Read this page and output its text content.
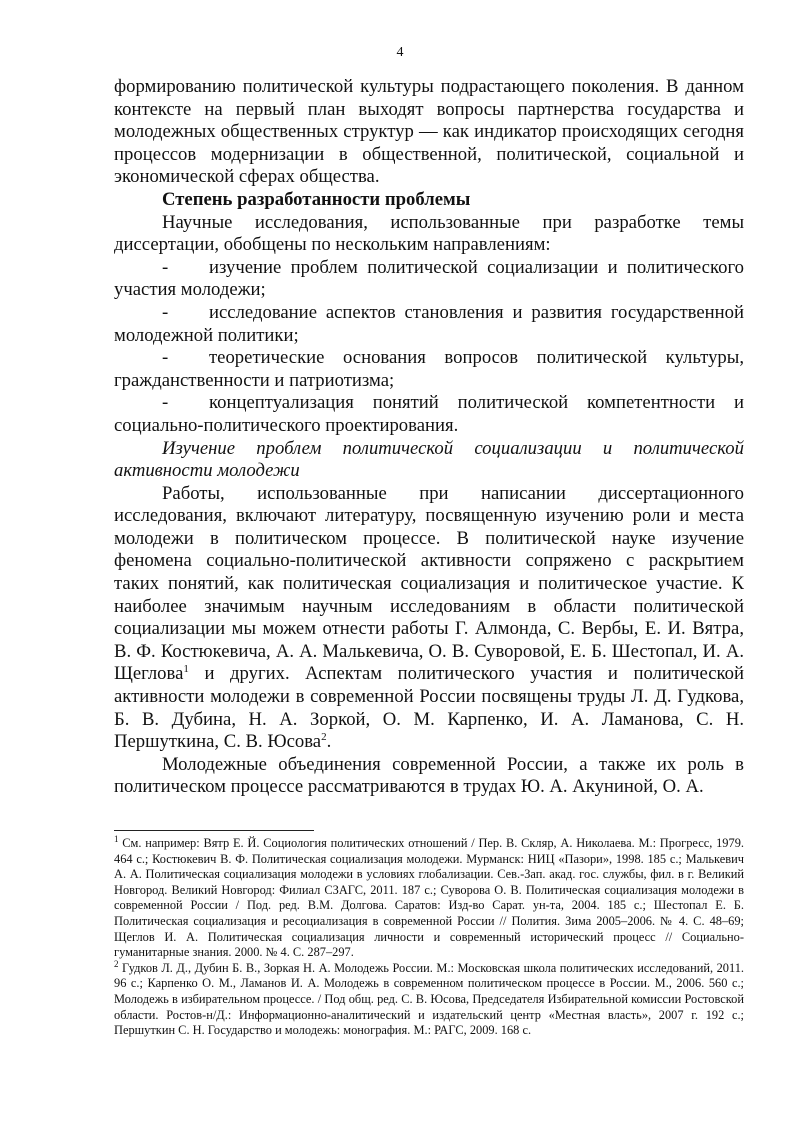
4

формированию политической культуры подрастающего поколения. В данном контексте на первый план выходят вопросы партнерства государства и молодежных общественных структур — как индикатор происходящих сегодня процессов модернизации в общественной, политической, социальной и экономической сферах общества.

Степень разработанности проблемы

Научные исследования, использованные при разработке темы диссертации, обобщены по нескольким направлениям:

- изучение проблем политической социализации и политического участия молодежи;

- исследование аспектов становления и развития государственной молодежной политики;

- теоретические основания вопросов политической культуры, гражданственности и патриотизма;

- концептуализация понятий политической компетентности и социально-политического проектирования.

Изучение проблем политической социализации и политической активности молодежи

Работы, использованные при написании диссертационного исследования, включают литературу, посвященную изучению роли и места молодежи в политическом процессе. В политической науке изучение феномена социально-политической активности сопряжено с раскрытием таких понятий, как политическая социализация и политическое участие. К наиболее значимым научным исследованиям в области политической социализации мы можем отнести работы Г. Алмонда, С. Вербы, Е. И. Вятра, В. Ф. Костюкевича, А. А. Малькевича, О. В. Суворовой, Е. Б. Шестопал, И. А. Щеглова$^1$ и других. Аспектам политического участия и политической активности молодежи в современной России посвящены труды Л. Д. Гудкова, Б. В. Дубина, Н. А. Зоркой, О. М. Карпенко, И. А. Ламанова, С. Н. Першуткина, С. В. Юсова$^2$.

Молодежные объединения современной России, а также их роль в политическом процессе рассматриваются в трудах Ю. А. Акуниной, О. А.

$^1$ См. например: Вятр Е. Й. Социология политических отношений / Пер. В. Скляр, А. Николаева. М.: Прогресс, 1979. 464 с.; Костюкевич В. Ф. Политическая социализация молодежи. Мурманск: НИЦ «Пазори», 1998. 185 с.; Малькевич А. А. Политическая социализация молодежи в условиях глобализации. Сев.-Зап. акад. гос. службы, фил. в г. Великий Новгород. Великий Новгород: Филиал СЗАГС, 2011. 187 с.; Суворова О. В. Политическая социализация молодежи в современной России / Под. ред. В.М. Долгова. Саратов: Изд-во Сарат. ун-та, 2004. 185 с.; Шестопал Е. Б. Политическая социализация и ресоциализация в современной России // Полития. Зима 2005–2006. № 4. С. 48–69; Щеглов И. А. Политическая социализация личности и современный исторический процесс // Социально-гуманитарные знания. 2000. № 4. С. 287–297.

$^2$ Гудков Л. Д., Дубин Б. В., Зоркая Н. А. Молодежь России. М.: Московская школа политических исследований, 2011. 96 с.; Карпенко О. М., Ламанов И. А. Молодежь в современном политическом процессе в России. М., 2006. 560 с.; Молодежь в избирательном процессе. / Под общ. ред. С. В. Юсова, Председателя Избирательной комиссии Ростовской области. Ростов-н/Д.: Информационно-аналитический и издательский центр «Местная власть», 2007 г. 192 с.; Першуткин С. Н. Государство и молодежь: монография. М.: РАГС, 2009. 168 с.
